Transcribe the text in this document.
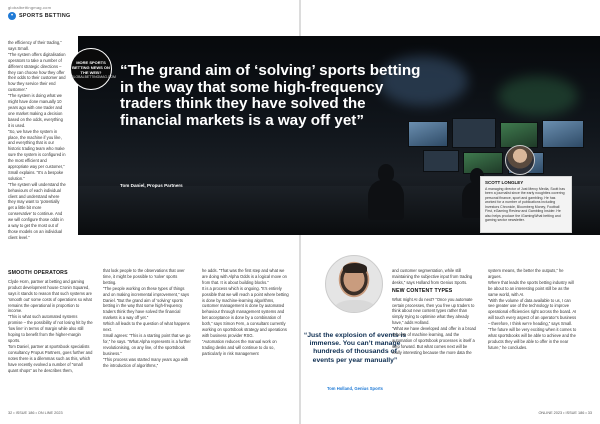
globalbettingmag.com
•	SPORTS BETTING
MORE SPORTS BETTING NEWS ON THE WEB?
GLOBALBETTINGMAG.COM “The grand aim of ‘solving’ sports betting in the way that some high-frequency traders think they have solved the financial markets is a way off yet”
Tom Daniel, Propus Partners
SCOTT LONGLEY
A managing director of Just Mercy Media, Scott has been a journalist since the early noughties covering personal finance, sport and gambling. He has worked for a number of publications including Investors Chronicle, Bloomberg Money, Football First, eGaming Review and Gambling Insider. He also helps produce the iGamingWhat betting and gaming sector newsletter.

the efficiency of their trading,” says Small.

“The system offers digitalisation operators to take a number of different strategic directions – they can choose how they offer their odds to their customer and how they service their end customer.”

“The system is doing what we might have done manually 10 years ago with one trader and one market making a decision based on the odds, everything it is used.

“So, we have the system in place, the machine if you like, and everything that is our historic trading team who make sure the system is configured in the most efficient and appropriate way per customer,” Small explains. “It’s a bespoke solution.”

“The system will understand the behaviours of each individual client and understand where they may want to ‘potentially get a little bit more conservative’ to continue. And we will configure those odds in a way to get the most out of those models on an individual client level.”

SMOOTH OPERATORS

Clyde Horn, partner at betting and gaming product development house Cronin Squared, says it stands to reason that such systems are ‘smooth out’ some costs of operations so what remains the operational in proportion to income.

“This is what such automated systems promise – the possibility of not losing hit by the ‘low line’ in terms of margin while also still hoping to benefit from the higher-margin sports.

Tom Daniel, partner at sportsbook specialists consultancy Propus Partners, goes further and notes there is a dilemmas such as this, which have recently evolved a number of “small quant shops” as he describes them,

that look people to the observations that over time, it might be possible to ‘solve’ sports betting.

“The people working on these types of things and on making incremental improvement,” says Daniel. “But the grand aim of ‘solving’ sports betting in the way that some high-frequency traders think they have solved the financial markets is a way off yet.”

Which all leads to the question of what happens next.

Small agrees: “This is a starting point that we go for,” he says. “What Alpha represents is a further revolutionising, on any line, of the sportsbook business.”

“This process was started many years ago with the introduction of algorithms,”

he adds. “That was the first step and what we are doing with Alpha Odds is a logical move on from that. It is about building blocks.”

It is a process which is ongoing. “It’s entirely possible that we will reach a point where betting is done by machine-learning algorithms, customer management is done by automated behaviour through management systems and bet acceptance is done by a combination of both,” says Simon Fern, a consultant currently working on sportsbook strategy and operations with business provider RSG.

“Automation reduces the manual work on trading desks and will continue to do so, particularly in risk management

“Just the explosion of events is immense. You can’t manage hundreds of thousands of events per year manually”
Tom Holland, Genius Sports

and customer segmentation, while still maintaining the subjective input from trading desks,” says Holland from Genius Sports.

NEW CONTENT TYPES

What might AI do next? “Once you automate certain processes, then you free up traders to think about new content types rather than simply trying to optimise what they already have,” adds Holland.

“What we have developed and offer in a broad scheme of machine learning, and the automation of sportsbook processes is itself a step forward. But what comes next will be really interesting because the more data the

system means, the better the outputs,” he argues.

Where that leads the sports betting industry will be about to an interesting point still be as the same world, with AI.

“With the volume of data available to us, I can see greater use of the technology to improve operational efficiencies right across the board. AI will touch every aspect of an operator’s business – therefore, I think we’re heading,” says Small.

“The future will be very exciting when it comes to what sportsbooks will be able to achieve and the products they will be able to offer in the near future,” he concludes.

32 • ISSUE 186 • ON LINE 2023	ONLINE 2023 • ISSUE 186 • 33
